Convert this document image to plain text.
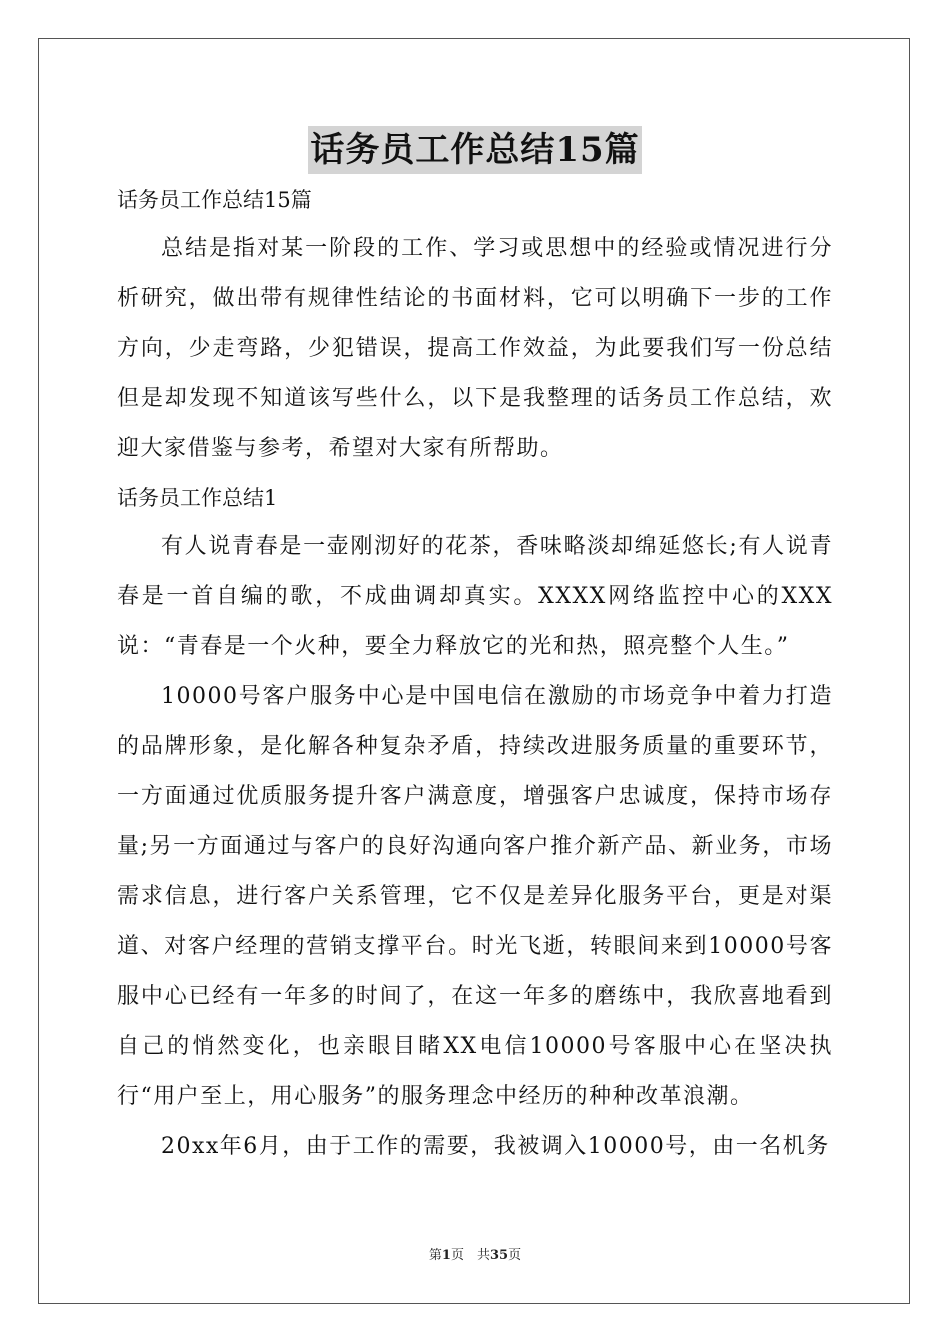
话务员工作总结15篇

话务员工作总结15篇

总结是指对某一阶段的工作、学习或思想中的经验或情况进行分析研究，做出带有规律性结论的书面材料，它可以明确下一步的工作方向，少走弯路，少犯错误，提高工作效益，为此要我们写一份总结但是却发现不知道该写些什么，以下是我整理的话务员工作总结，欢迎大家借鉴与参考，希望对大家有所帮助。

话务员工作总结1

有人说青春是一壶刚沏好的花茶，香味略淡却绵延悠长;有人说青春是一首自编的歌，不成曲调却真实。XXXX网络监控中心的XXX说：“青春是一个火种，要全力释放它的光和热，照亮整个人生。”

10000号客户服务中心是中国电信在激励的市场竞争中着力打造的品牌形象，是化解各种复杂矛盾，持续改进服务质量的重要环节，一方面通过优质服务提升客户满意度，增强客户忠诚度，保持市场存量;另一方面通过与客户的良好沟通向客户推介新产品、新业务，市场需求信息，进行客户关系管理，它不仅是差异化服务平台，更是对渠道、对客户经理的营销支撑平台。时光飞逝，转眼间来到10000号客服中心已经有一年多的时间了，在这一年多的磨练中，我欣喜地看到自己的悄然变化，也亲眼目睹XX电信10000号客服中心在坚决执行“用户至上，用心服务”的服务理念中经历的种种改革浪潮。

20xx年6月，由于工作的需要，我被调入10000号，由一名机务

第1页　共35页
